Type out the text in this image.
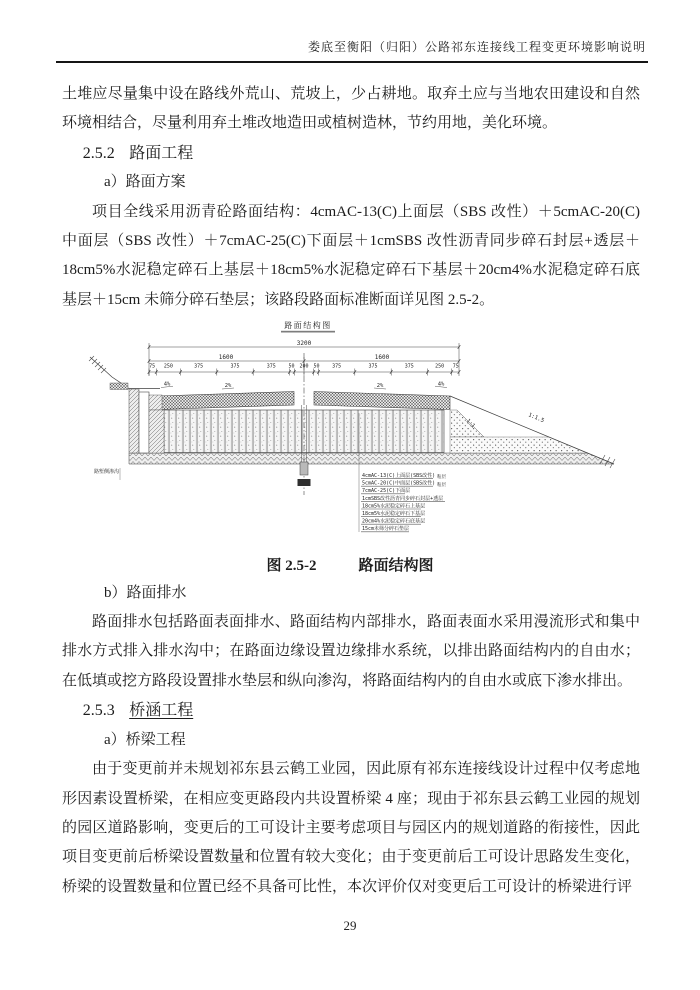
娄底至衡阳（归阳）公路祁东连接线工程变更环境影响说明

土堆应尽量集中设在路线外荒山、荒坡上，少占耕地。取弃土应与当地农田建设和自然环境相结合，尽量利用弃土堆改地造田或植树造林，节约用地，美化环境。

2.5.2 路面工程

a）路面方案

项目全线采用沥青砼路面结构：4cmAC-13(C)上面层（SBS 改性）＋5cmAC-20(C)中面层（SBS 改性）＋7cmAC-25(C)下面层＋1cmSBS 改性沥青同步碎石封层+透层＋18cm5%水泥稳定碎石上基层＋18cm5%水泥稳定碎石下基层＋20cm4%水泥稳定碎石底基层＋15cm 未筛分碎石垫层；该路段路面标准断面详见图 2.5-2。

路面结构图
3200
1600	1600
75 250	375	375	375	50 200 50	375	375	375	250 75
4%	2%	2%	4%
路堑侧渗沟
1:1.5
1:1
4cmAC-13(C)上面层(SBS改性)
5cmAC-20(C)中面层(SBS改性)
7cmAC-25(C)下面层
1cmSBS改性沥青同步碎石封层+透层
18cm5%水泥稳定碎石上基层
18cm5%水泥稳定碎石下基层
20cm4%水泥稳定碎石底基层
15cm未筛分碎石垫层
粘层
粘层

图 2.5-2	路面结构图

b）路面排水

路面排水包括路面表面排水、路面结构内部排水，路面表面水采用漫流形式和集中排水方式排入排水沟中；在路面边缘设置边缘排水系统，以排出路面结构内的自由水；在低填或挖方路段设置排水垫层和纵向渗沟，将路面结构内的自由水或底下渗水排出。

2.5.3 桥涵工程

a）桥梁工程

由于变更前并未规划祁东县云鹤工业园，因此原有祁东连接线设计过程中仅考虑地形因素设置桥梁，在相应变更路段内共设置桥梁 4 座；现由于祁东县云鹤工业园的规划的园区道路影响，变更后的工可设计主要考虑项目与园区内的规划道路的衔接性，因此项目变更前后桥梁设置数量和位置有较大变化；由于变更前后工可设计思路发生变化，桥梁的设置数量和位置已经不具备可比性，本次评价仅对变更后工可设计的桥梁进行评

29
